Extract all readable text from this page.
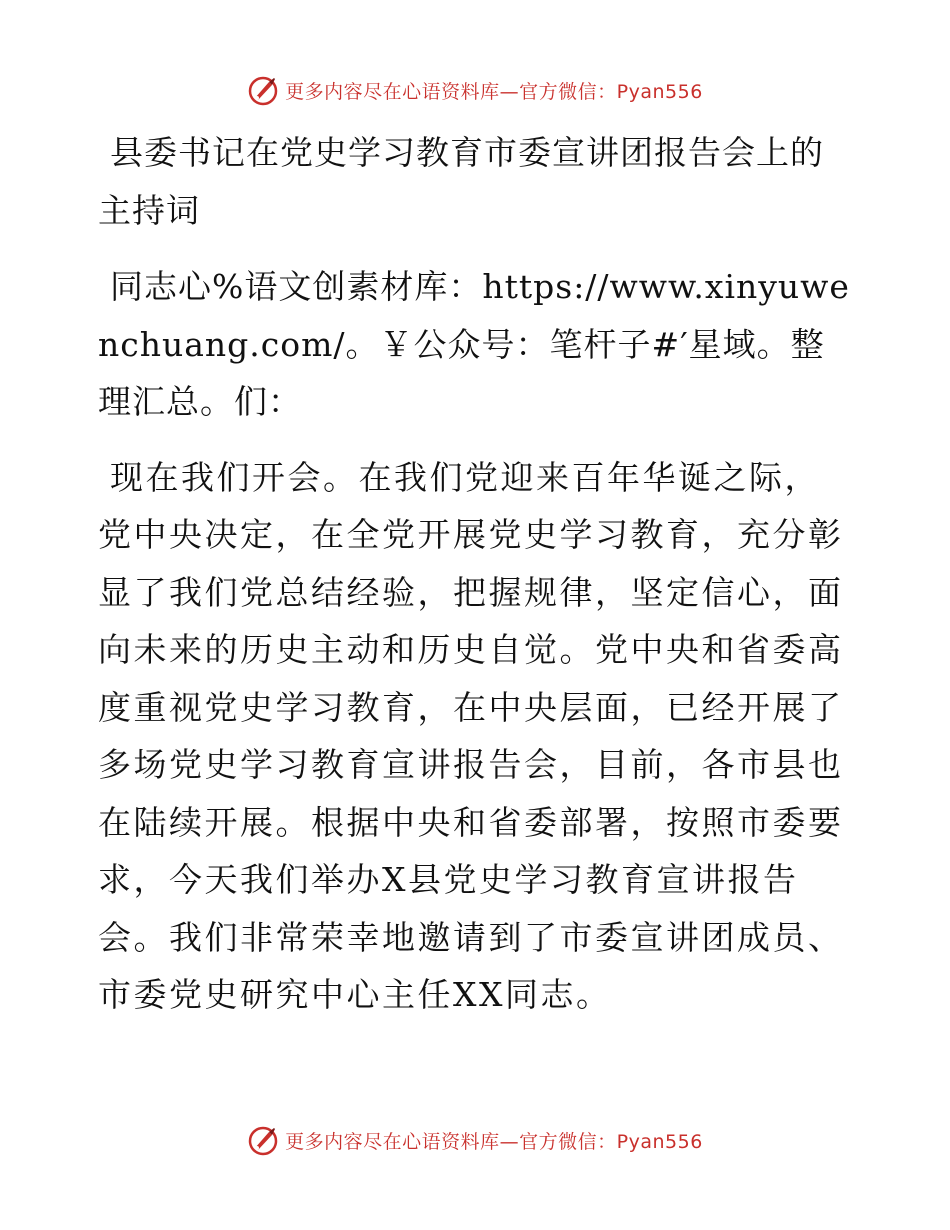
更多内容尽在心语资料库—官方微信：Pyan556
县委书记在党史学习教育市委宣讲团报告会上的主持词

同志心%语文创素材库：https://www.xinyuwenchuang.com/。￥公众号：笔杆子#′星域。整理汇总。们：

现在我们开会。在我们党迎来百年华诞之际，党中央决定，在全党开展党史学习教育，充分彰显了我们党总结经验，把握规律，坚定信心，面向未来的历史主动和历史自觉。党中央和省委高度重视党史学习教育，在中央层面，已经开展了多场党史学习教育宣讲报告会，目前，各市县也在陆续开展。根据中央和省委部署，按照市委要求，今天我们举办X县党史学习教育宣讲报告会。我们非常荣幸地邀请到了市委宣讲团成员、市委党史研究中心主任XX同志。

更多内容尽在心语资料库—官方微信：Pyan556
